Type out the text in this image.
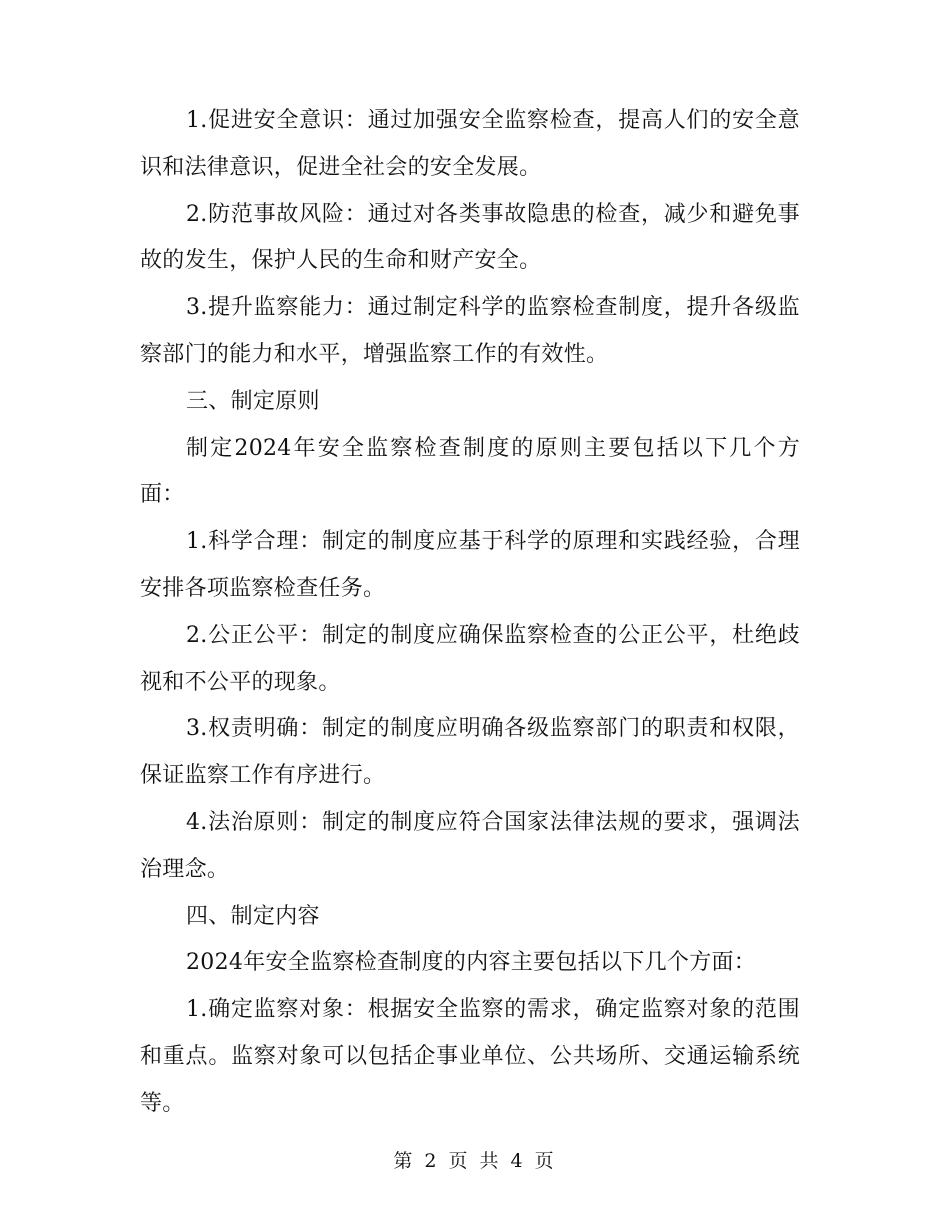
1.促进安全意识：通过加强安全监察检查，提高人们的安全意识和法律意识，促进全社会的安全发展。

2.防范事故风险：通过对各类事故隐患的检查，减少和避免事故的发生，保护人民的生命和财产安全。

3.提升监察能力：通过制定科学的监察检查制度，提升各级监察部门的能力和水平，增强监察工作的有效性。

三、制定原则

制定2024年安全监察检查制度的原则主要包括以下几个方面：

1.科学合理：制定的制度应基于科学的原理和实践经验，合理安排各项监察检查任务。

2.公正公平：制定的制度应确保监察检查的公正公平，杜绝歧视和不公平的现象。

3.权责明确：制定的制度应明确各级监察部门的职责和权限，保证监察工作有序进行。

4.法治原则：制定的制度应符合国家法律法规的要求，强调法治理念。

四、制定内容

2024年安全监察检查制度的内容主要包括以下几个方面：

1.确定监察对象：根据安全监察的需求，确定监察对象的范围和重点。监察对象可以包括企事业单位、公共场所、交通运输系统等。

第 2 页 共 4 页
